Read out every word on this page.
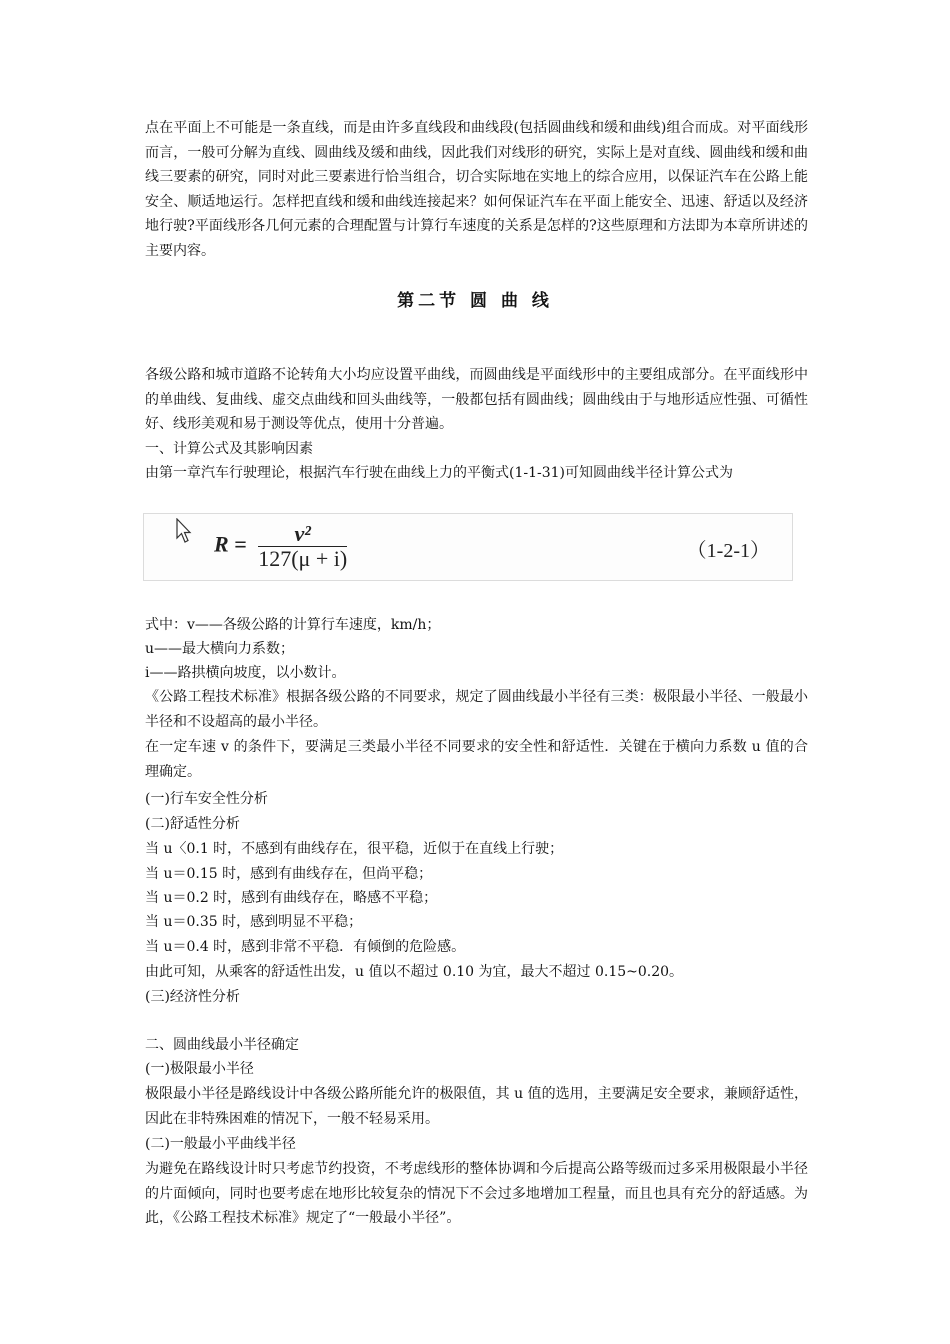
点在平面上不可能是一条直线，而是由许多直线段和曲线段(包括圆曲线和缓和曲线)组合而成。对平面线形而言，一般可分解为直线、圆曲线及缓和曲线，因此我们对线形的研究，实际上是对直线、圆曲线和缓和曲线三要素的研究，同时对此三要素进行恰当组合，切合实际地在实地上的综合应用，以保证汽车在公路上能安全、顺适地运行。怎样把直线和缓和曲线连接起来？如何保证汽车在平面上能安全、迅速、舒适以及经济地行驶?平面线形各几何元素的合理配置与计算行车速度的关系是怎样的?这些原理和方法即为本章所讲述的主要内容。

第二节 圆 曲 线

各级公路和城市道路不论转角大小均应设置平曲线，而圆曲线是平面线形中的主要组成部分。在平面线形中的单曲线、复曲线、虚交点曲线和回头曲线等，一般都包括有圆曲线；圆曲线由于与地形适应性强、可循性好、线形美观和易于测设等优点，使用十分普遍。

一、计算公式及其影响因素

由第一章汽车行驶理论，根据汽车行驶在曲线上力的平衡式(1-1-31)可知圆曲线半径计算公式为

$R = \frac{\text{v²}}{127(\mu + i)}$	（1-2-1）

式中：v——各级公路的计算行车速度，km/h；

u——最大横向力系数；

i——路拱横向坡度，以小数计。

《公路工程技术标准》根据各级公路的不同要求，规定了圆曲线最小半径有三类：极限最小半径、一般最小半径和不设超高的最小半径。

在一定车速 v 的条件下，要满足三类最小半径不同要求的安全性和舒适性．关键在于横向力系数 u 值的合理确定。

(一)行车安全性分析

(二)舒适性分析

当 u〈0.1 时，不感到有曲线存在，很平稳，近似于在直线上行驶；

当 u＝0.15 时，感到有曲线存在，但尚平稳；

当 u＝0.2 时，感到有曲线存在，略感不平稳；

当 u＝0.35 时，感到明显不平稳；

当 u＝0.4 时，感到非常不平稳．有倾倒的危险感。

由此可知，从乘客的舒适性出发，u 值以不超过 0.10 为宜，最大不超过 0.15~0.20。

(三)经济性分析

二、圆曲线最小半径确定

(一)极限最小半径

极限最小半径是路线设计中各级公路所能允许的极限值，其 u 值的选用，主要满足安全要求，兼顾舒适性，因此在非特殊困难的情况下，一般不轻易采用。

(二)一般最小平曲线半径

为避免在路线设计时只考虑节约投资，不考虑线形的整体协调和今后提高公路等级而过多采用极限最小半径的片面倾向，同时也要考虑在地形比较复杂的情况下不会过多地增加工程量，而且也具有充分的舒适感。为此，《公路工程技术标准》规定了“一般最小半径”。
